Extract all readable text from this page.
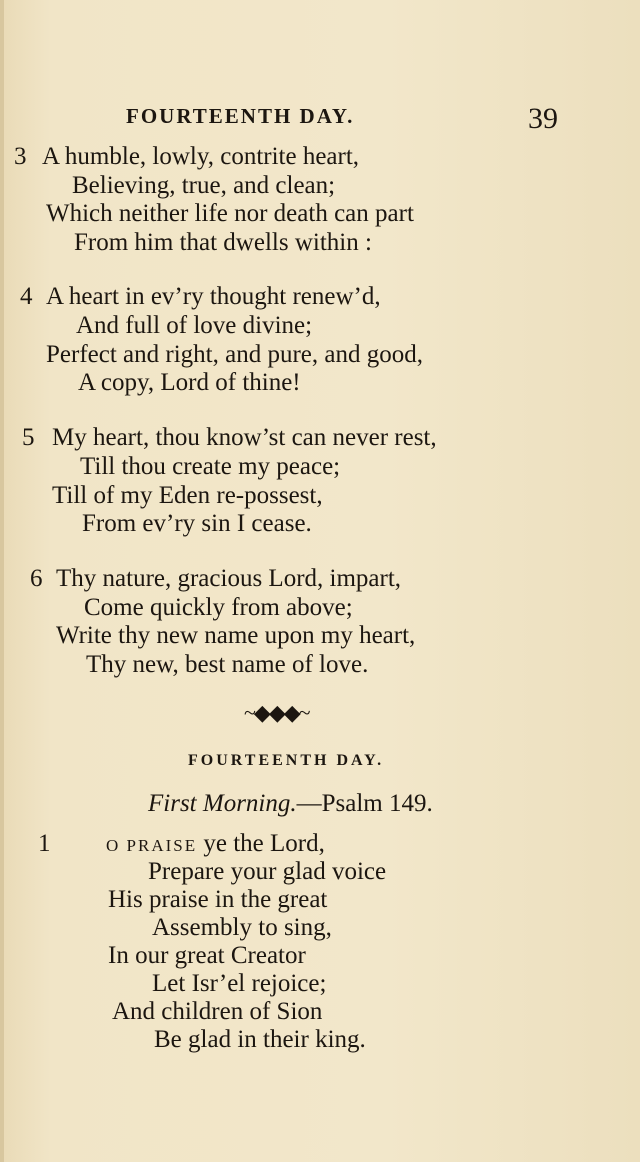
FOURTEENTH DAY.	39
3 A humble, lowly, contrite heart,
Believing, true, and clean;
Which neither life nor death can part
From him that dwells within :
4 A heart in ev’ry thought renew’d,
And full of love divine;
Perfect and right, and pure, and good,
A copy, Lord of thine!
5 My heart, thou know’st can never rest,
Till thou create my peace;
Till of my Eden re-possest,
From ev’ry sin I cease.
6 Thy nature, gracious Lord, impart,
Come quickly from above;
Write thy new name upon my heart,
Thy new, best name of love.
~◆◆◆~
FOURTEENTH DAY.
First Morning.—Psalm 149.
1	O PRAISE ye the Lord,
Prepare your glad voice
His praise in the great
Assembly to sing,
In our great Creator
Let Isr’el rejoice;
And children of Sion
Be glad in their king.
